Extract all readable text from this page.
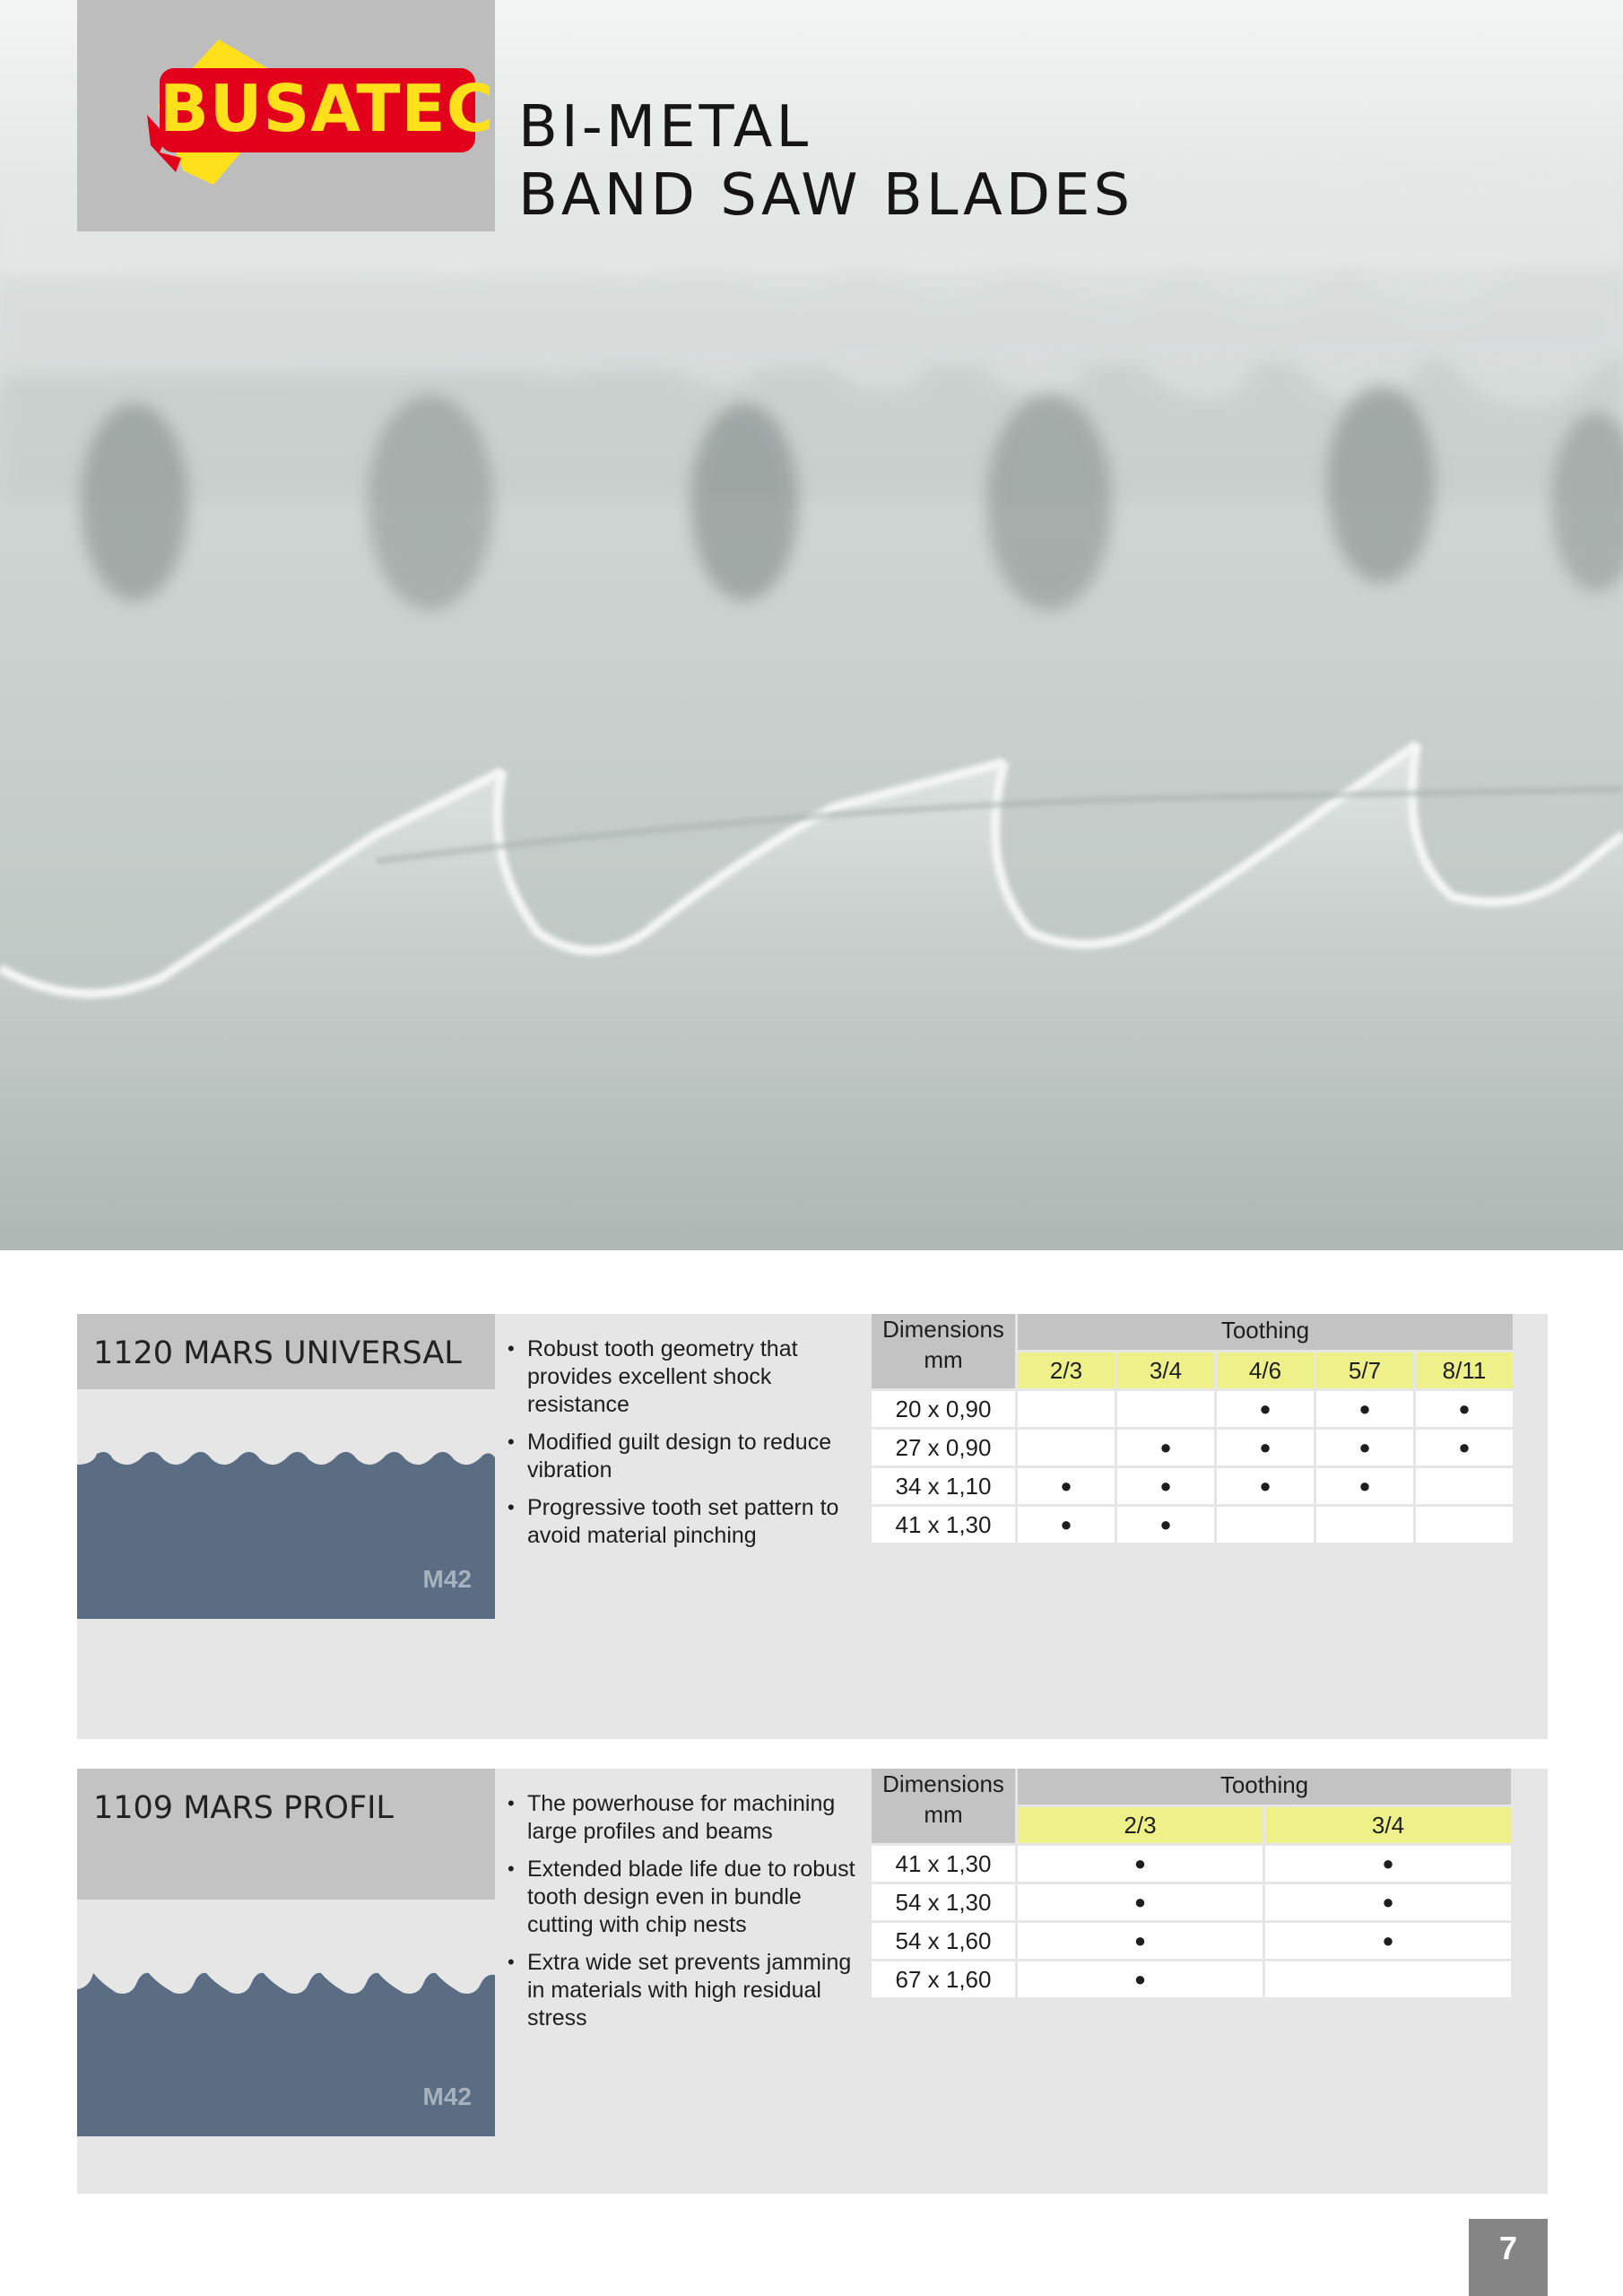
BUSATEC BI-METAL
BAND SAW BLADES
1120 MARS UNIVERSAL
M42
• Robust tooth geometry that provides excellent shock resistance
• Modified guilt design to reduce vibration
• Progressive tooth set pattern to avoid material pinching
Dimensions
mm	Toothing				
	2/3	3/4	4/6	5/7	8/11
20 x 0,90			●	●	●
27 x 0,90		●	●	●	●
34 x 1,10	●	●	●	●	
41 x 1,30	●	●			
1109 MARS PROFIL
M42
• The powerhouse for machining large profiles and beams
• Extended blade life due to robust tooth design even in bundle cutting with chip nests
• Extra wide set prevents jamming in materials with high residual stress
Dimensions
mm	Toothing	
	2/3	3/4
41 x 1,30	●	●
54 x 1,30	●	●
54 x 1,60	●	●
67 x 1,60	●	
7
